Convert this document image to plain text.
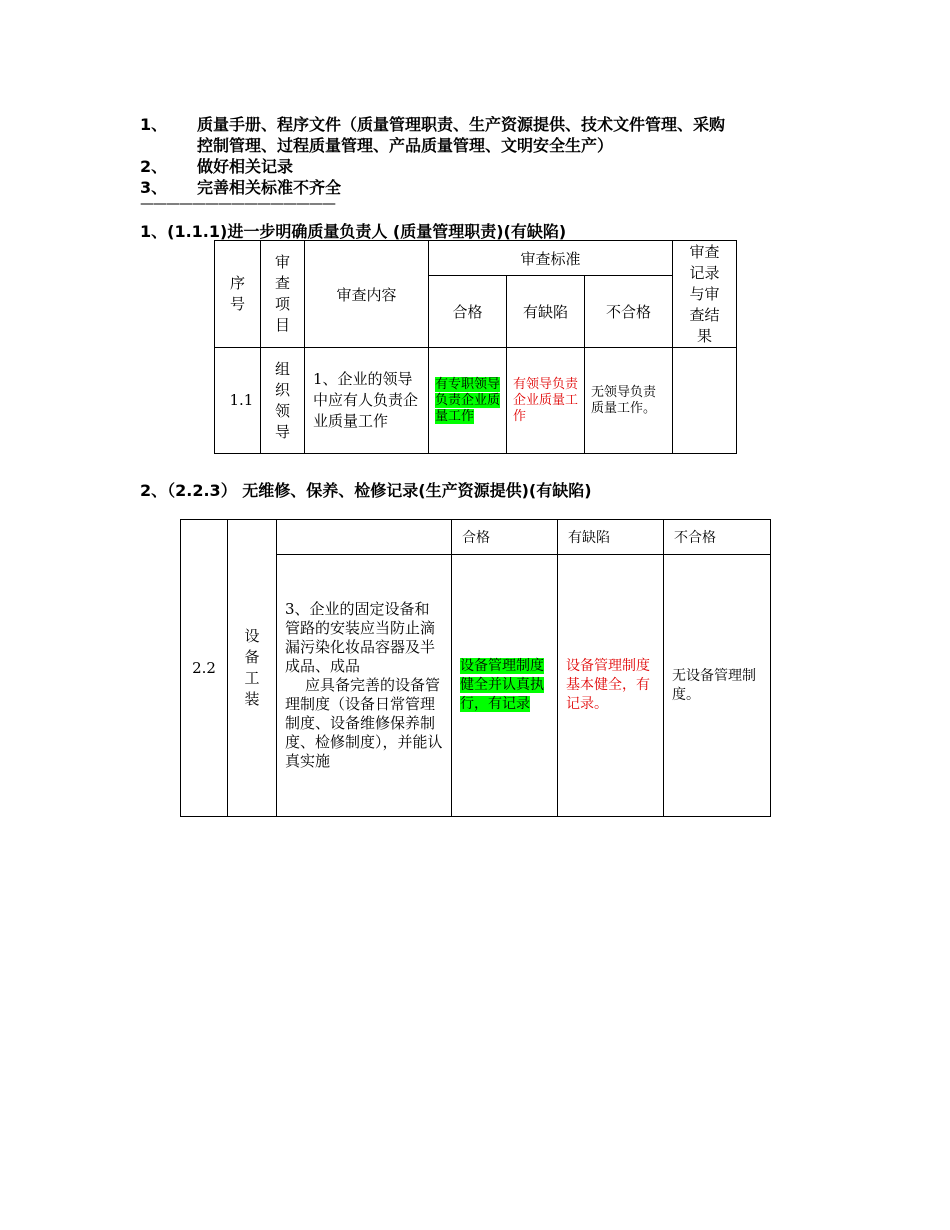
1、	质量手册、程序文件（质量管理职责、生产资源提供、技术文件管理、采购
控制管理、过程质量管理、产品质量管理、文明安全生产）
2、	做好相关记录
3、	完善相关标准不齐全
———————————————
1、(1.1.1)进一步明确质量负责人 (质量管理职责)(有缺陷)
序号	审查项目	审查内容	审查标准			审查记录与审查结果
			合格	有缺陷	不合格	
1.1	组织领导	1、企业的领导中应有人负责企业质量工作	有专职领导负责企业质量工作	有领导负责企业质量工作	无领导负责质量工作。	
2、（2.2.3） 无维修、保养、检修记录(生产资源提供)(有缺陷)
2.2	设备工装		合格	有缺陷	不合格

		3、企业的固定设备和管路的安装应当防止滴漏污染化妆品容器及半成品、成品
应具备完善的设备管理制度（设备日常管理制度、设备维修保养制度、检修制度），并能认真实施	设备管理制度健全并认真执行，有记录	设备管理制度基本健全，有记录。	无设备管理制度。
